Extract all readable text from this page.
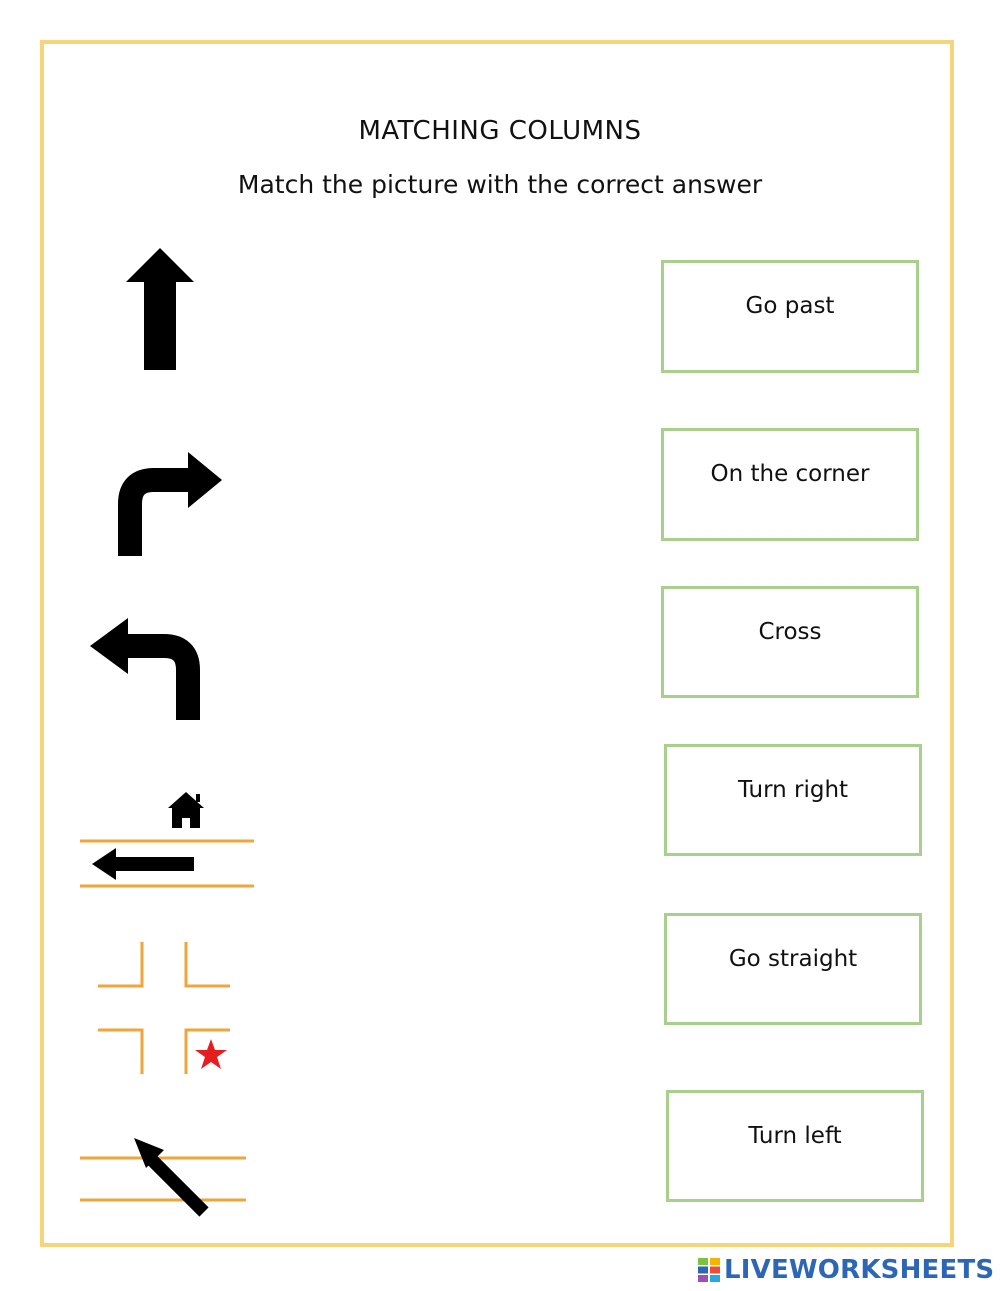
MATCHING COLUMNS
Match the picture with the correct answer
Go past
On the corner
Cross
Turn right
Go straight
Turn left
LIVEWORKSHEETS
